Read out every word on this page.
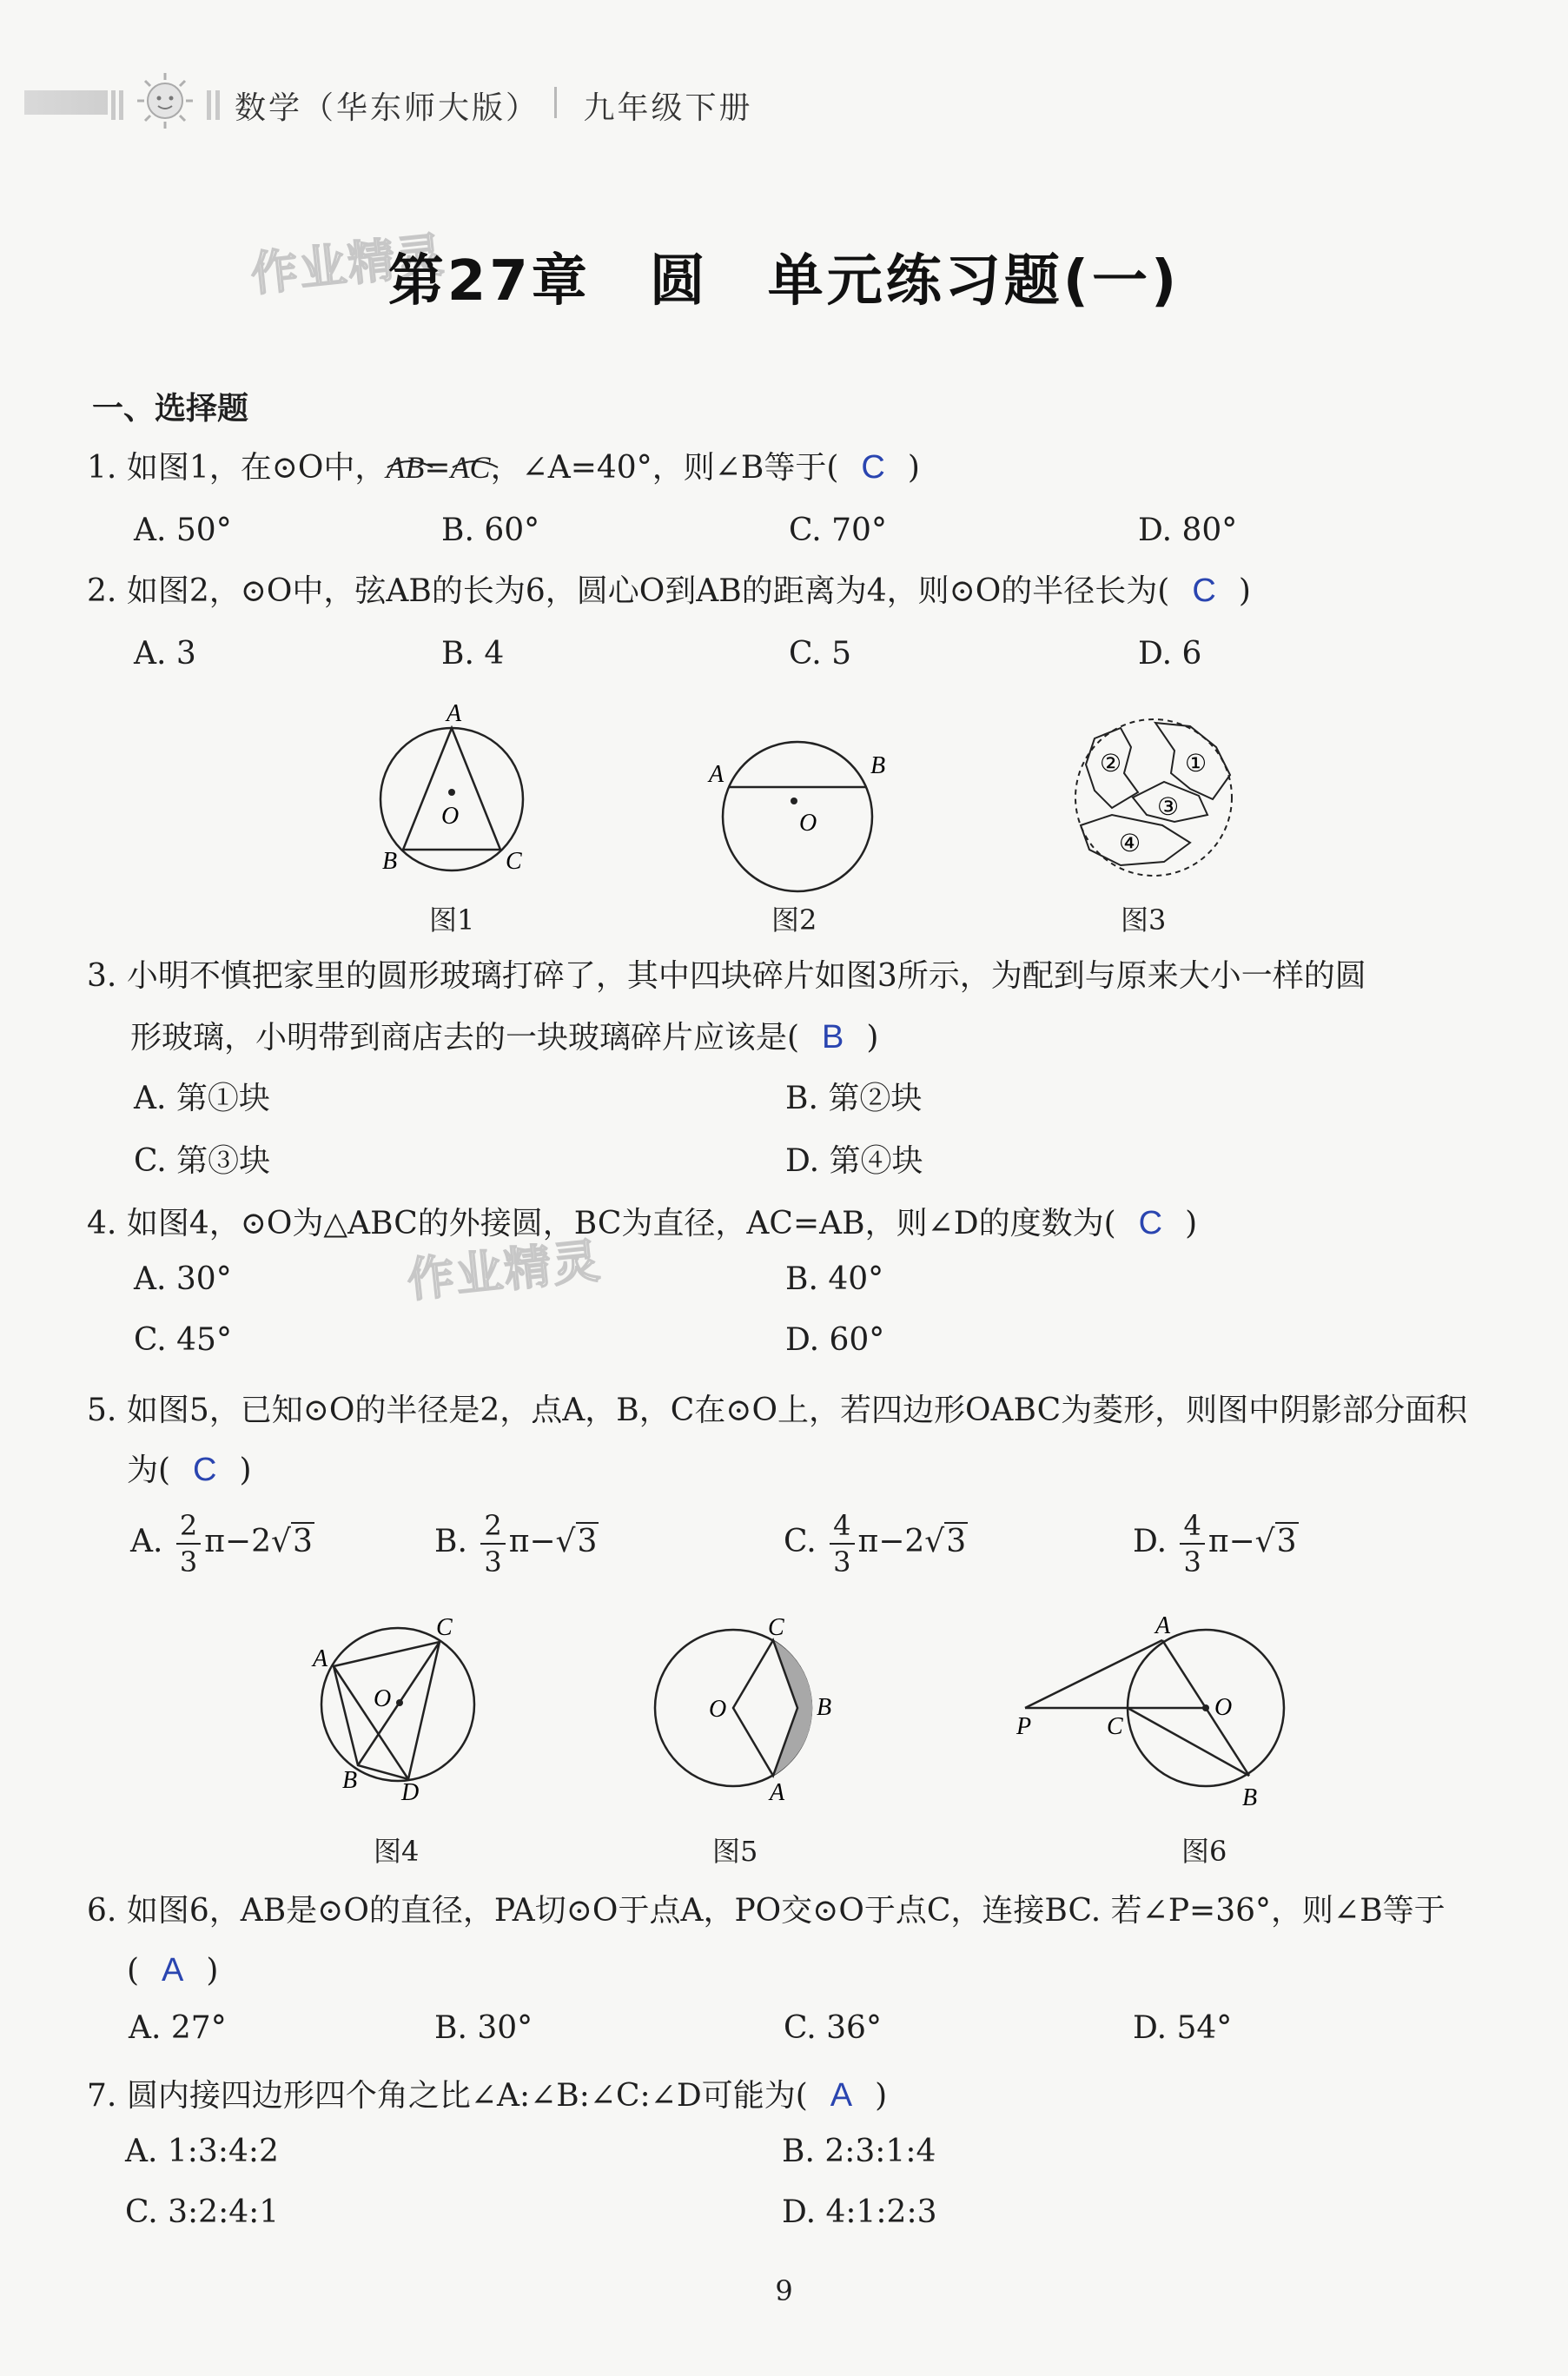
数学（华东师大版） 九年级下册
作业精灵
作业精灵
第27章　圆　单元练习题(一)
一、选择题
1. 如图1，在⊙O中，
AB=
AC，∠A=40°，则∠B等于( C )
A. 50°	B. 60°	C. 70°	D. 80°
2. 如图2，⊙O中，弦AB的长为6，圆心O到AB的距离为4，则⊙O的半径长为( C )
A. 3	B. 4	C. 5	D. 6
A
B	C
O
图1
A	B
O
图2
②	①
③
④
图3
3. 小明不慎把家里的圆形玻璃打碎了，其中四块碎片如图3所示，为配到与原来大小一样的圆
形玻璃，小明带到商店去的一块玻璃碎片应该是( B )
A. 第①块	B. 第②块
C. 第③块	D. 第④块
4. 如图4，⊙O为△ABC的外接圆，BC为直径，AC=AB，则∠D的度数为( C )
A. 30°	B. 40°
C. 45°	D. 60°
5. 如图5，已知⊙O的半径是2，点A，B，C在⊙O上，若四边形OABC为菱形，则图中阴影部分面积
为( C )
A. $\frac{2}{3} \pi-2√3$	B. $\frac{2}{3} \pi-√3$	C. $\frac{4}{3} \pi-2√3$	D. $\frac{4}{3} \pi-√3$
A
C
B D
O
图4
O
C
B
A
图5
A
P	C
O
B
图6
6. 如图6，AB是⊙O的直径，PA切⊙O于点A，PO交⊙O于点C，连接BC. 若∠P=36°，则∠B等于
( A )
A. 27°	B. 30°	C. 36°	D. 54°
7. 圆内接四边形四个角之比∠A:∠B:∠C:∠D可能为( A )
A. 1:3:4:2	B. 2:3:1:4
C. 3:2:4:1	D. 4:1:2:3
9
